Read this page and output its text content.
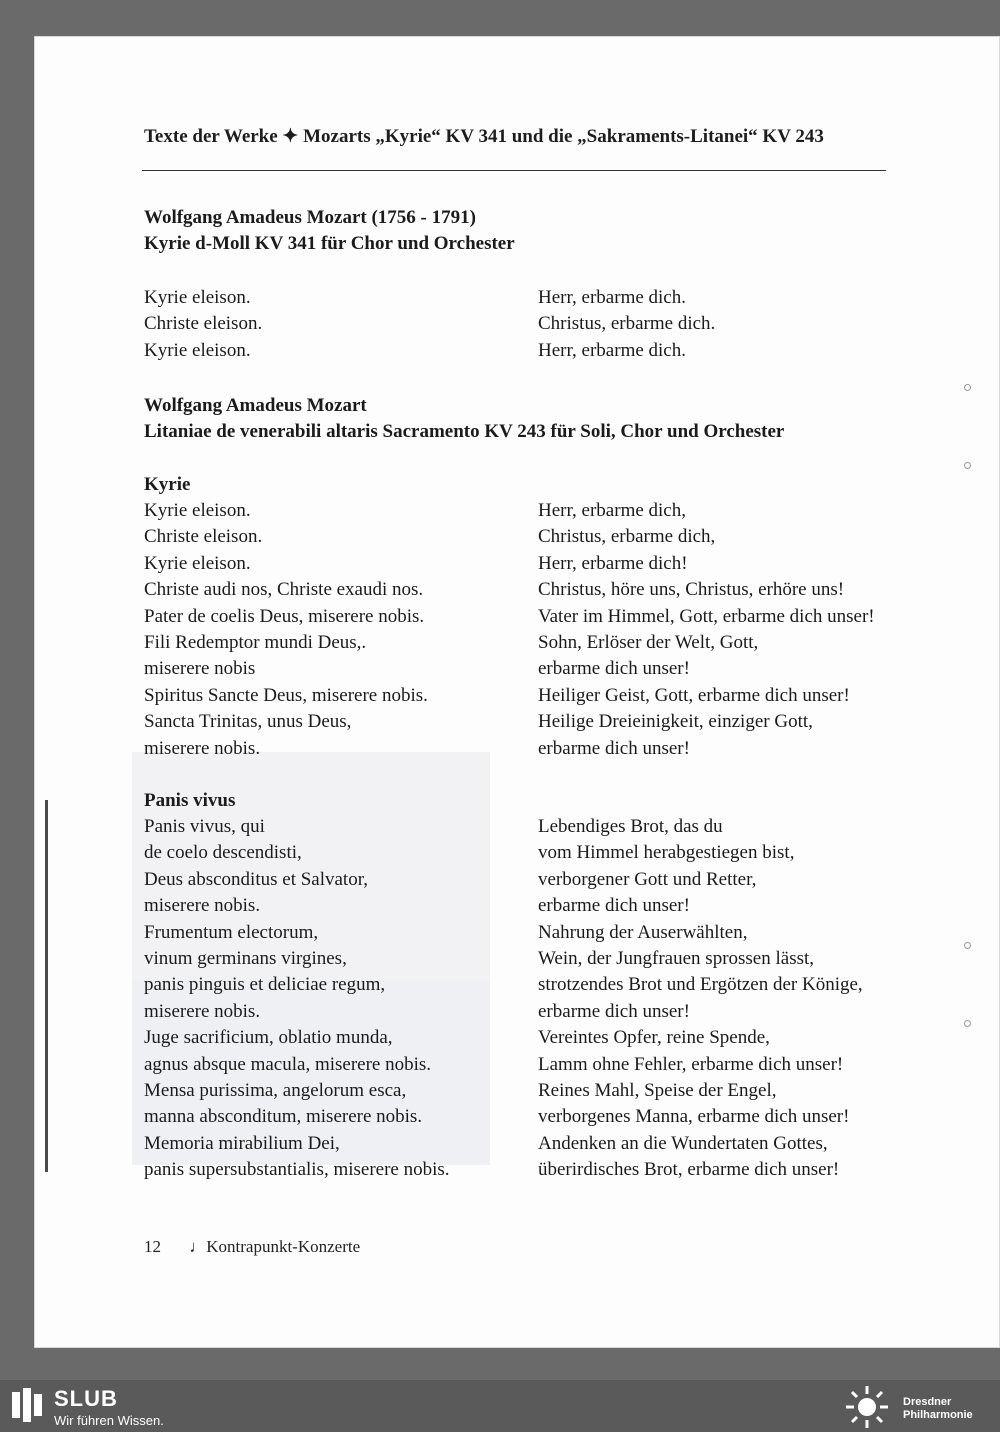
Texte der Werke ✦ Mozarts „Kyrie“ KV 341 und die „Sakraments-Litanei“ KV 243
Wolfgang Amadeus Mozart (1756 - 1791)
Kyrie d-Moll KV 341 für Chor und Orchester
Kyrie eleison.
Christe eleison.
Kyrie eleison.
Herr, erbarme dich.
Christus, erbarme dich.
Herr, erbarme dich.
Wolfgang Amadeus Mozart
Litaniae de venerabili altaris Sacramento KV 243 für Soli, Chor und Orchester
Kyrie
Kyrie eleison.
Christe eleison.
Kyrie eleison.
Christe audi nos, Christe exaudi nos.
Pater de coelis Deus, miserere nobis.
Fili Redemptor mundi Deus,.
miserere nobis
Spiritus Sancte Deus, miserere nobis.
Sancta Trinitas, unus Deus,
miserere nobis.
Herr, erbarme dich,
Christus, erbarme dich,
Herr, erbarme dich!
Christus, höre uns, Christus, erhöre uns!
Vater im Himmel, Gott, erbarme dich unser!
Sohn, Erlöser der Welt, Gott,
erbarme dich unser!
Heiliger Geist, Gott, erbarme dich unser!
Heilige Dreieinigkeit, einziger Gott,
erbarme dich unser!
Panis vivus
Panis vivus, qui
de coelo descendisti,
Deus absconditus et Salvator,
miserere nobis.
Frumentum electorum,
vinum germinans virgines,
panis pinguis et deliciae regum,
miserere nobis.
Juge sacrificium, oblatio munda,
agnus absque macula, miserere nobis.
Mensa purissima, angelorum esca,
manna absconditum, miserere nobis.
Memoria mirabilium Dei,
panis supersubstantialis, miserere nobis.
Lebendiges Brot, das du
vom Himmel herabgestiegen bist,
verborgener Gott und Retter,
erbarme dich unser!
Nahrung der Auserwählten,
Wein, der Jungfrauen sprossen lässt,
strotzendes Brot und Ergötzen der Könige,
erbarme dich unser!
Vereintes Opfer, reine Spende,
Lamm ohne Fehler, erbarme dich unser!
Reines Mahl, Speise der Engel,
verborgenes Manna, erbarme dich unser!
Andenken an die Wundertaten Gottes,
überirdisches Brot, erbarme dich unser!
12 ♩Kontrapunkt-Konzerte
SLUB
Wir führen Wissen.
Dresdner
Philharmonie
